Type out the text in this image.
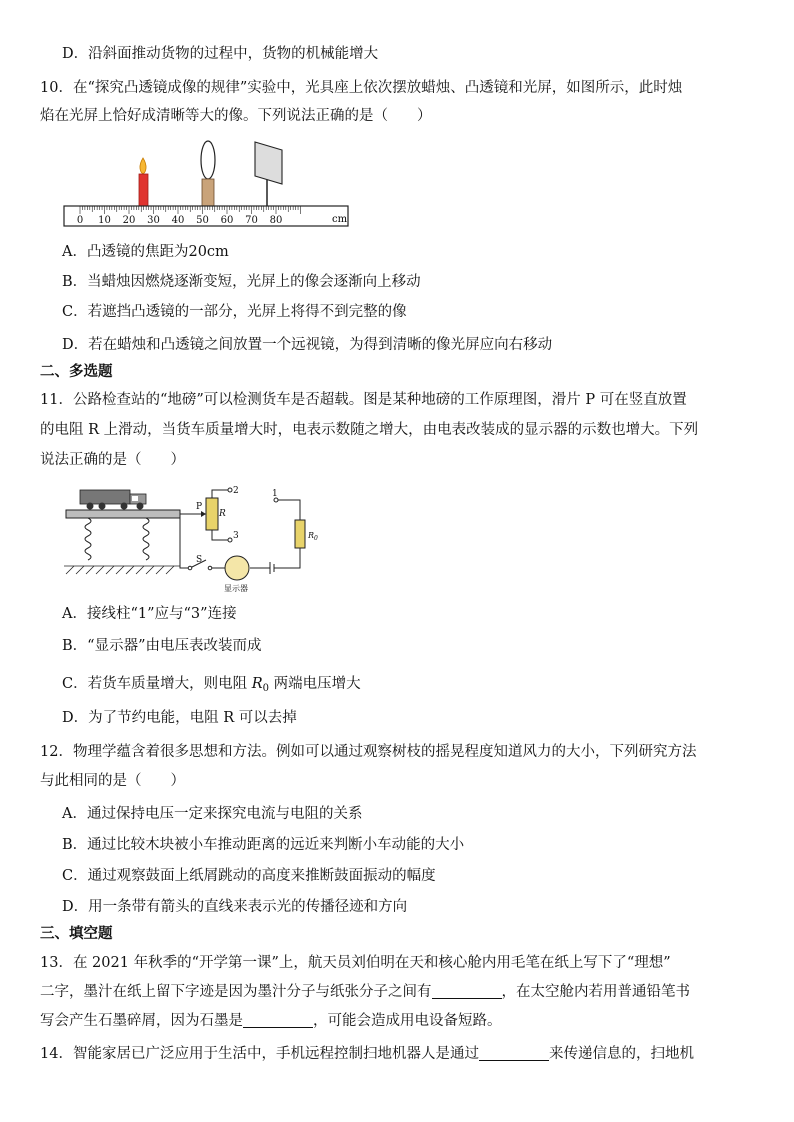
D．沿斜面推动货物的过程中，货物的机械能增大
10．在“探究凸透镜成像的规律”实验中，光具座上依次摆放蜡烛、凸透镜和光屏，如图所示，此时烛
焰在光屏上恰好成清晰等大的像。下列说法正确的是（　　）
0 10 20 30 40 50 60 70 80	cm
A．凸透镜的焦距为20cm
B．当蜡烛因燃烧逐渐变短，光屏上的像会逐渐向上移动
C．若遮挡凸透镜的一部分，光屏上将得不到完整的像
D．若在蜡烛和凸透镜之间放置一个远视镜，为得到清晰的像光屏应向右移动
二、多选题
11．公路检查站的“地磅”可以检测货车是否超载。图是某种地磅的工作原理图，滑片 P 可在竖直放置
的电阻 R 上滑动，当货车质量增大时，电表示数随之增大，由电表改装成的显示器的示数也增大。下列
说法正确的是（　　）
P
R
2
3
1
$R_0$
S
显示器
A．接线柱“1”应与“3”连接
B．“显示器”由电压表改装而成
C．若货车质量增大，则电阻 $R_0$ 两端电压增大
D．为了节约电能，电阻 R 可以去掉
12．物理学蕴含着很多思想和方法。例如可以通过观察树枝的摇晃程度知道风力的大小，下列研究方法
与此相同的是（　　）
A．通过保持电压一定来探究电流与电阻的关系
B．通过比较木块被小车推动距离的远近来判断小车动能的大小
C．通过观察鼓面上纸屑跳动的高度来推断鼓面振动的幅度
D．用一条带有箭头的直线来表示光的传播径迹和方向
三、填空题
13．在 2021 年秋季的“开学第一课”上，航天员刘伯明在天和核心舱内用毛笔在纸上写下了“理想”
二字，墨汁在纸上留下字迹是因为墨汁分子与纸张分子之间有	，在太空舱内若用普通铅笔书
写会产生石墨碎屑，因为石墨是	，可能会造成用电设备短路。
14．智能家居已广泛应用于生活中，手机远程控制扫地机器人是通过	来传递信息的，扫地机
